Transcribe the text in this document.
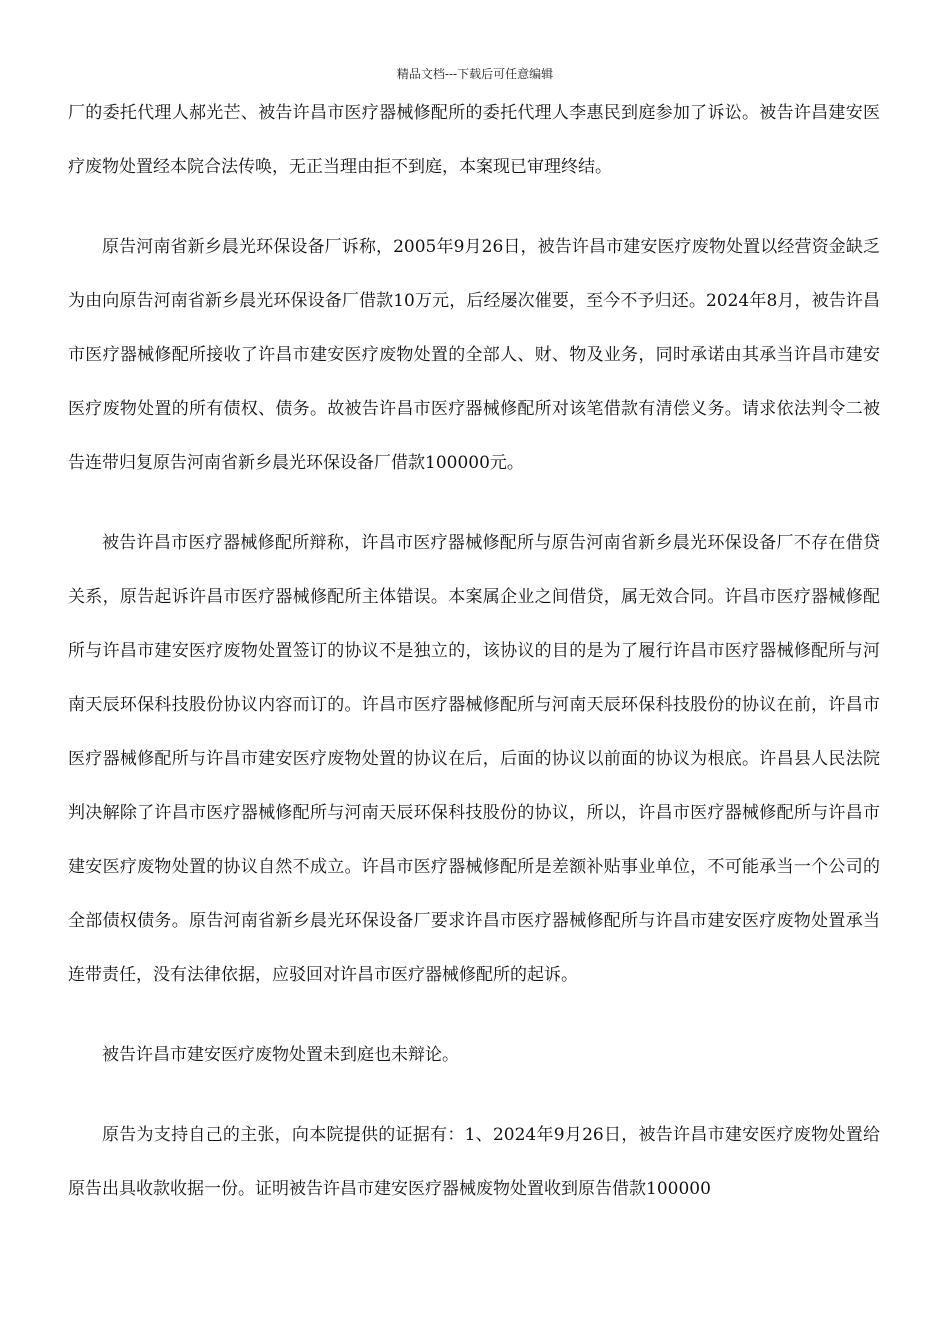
精品文档---下载后可任意编辑

厂的委托代理人郝光芒、被告许昌市医疗器械修配所的委托代理人李惠民到庭参加了诉讼。被告许昌建安医疗废物处置经本院合法传唤，无正当理由拒不到庭，本案现已审理终结。

原告河南省新乡晨光环保设备厂诉称，2005年9月26日，被告许昌市建安医疗废物处置以经营资金缺乏为由向原告河南省新乡晨光环保设备厂借款10万元，后经屡次催要，至今不予归还。2024年8月，被告许昌市医疗器械修配所接收了许昌市建安医疗废物处置的全部人、财、物及业务，同时承诺由其承当许昌市建安医疗废物处置的所有债权、债务。故被告许昌市医疗器械修配所对该笔借款有清偿义务。请求依法判令二被告连带归复原告河南省新乡晨光环保设备厂借款100000元。

被告许昌市医疗器械修配所辩称，许昌市医疗器械修配所与原告河南省新乡晨光环保设备厂不存在借贷关系，原告起诉许昌市医疗器械修配所主体错误。本案属企业之间借贷，属无效合同。许昌市医疗器械修配所与许昌市建安医疗废物处置签订的协议不是独立的，该协议的目的是为了履行许昌市医疗器械修配所与河南天辰环保科技股份协议内容而订的。许昌市医疗器械修配所与河南天辰环保科技股份的协议在前，许昌市医疗器械修配所与许昌市建安医疗废物处置的协议在后，后面的协议以前面的协议为根底。许昌县人民法院判决解除了许昌市医疗器械修配所与河南天辰环保科技股份的协议，所以，许昌市医疗器械修配所与许昌市建安医疗废物处置的协议自然不成立。许昌市医疗器械修配所是差额补贴事业单位，不可能承当一个公司的全部债权债务。原告河南省新乡晨光环保设备厂要求许昌市医疗器械修配所与许昌市建安医疗废物处置承当连带责任，没有法律依据，应驳回对许昌市医疗器械修配所的起诉。

被告许昌市建安医疗废物处置未到庭也未辩论。

原告为支持自己的主张，向本院提供的证据有：1、2024年9月26日，被告许昌市建安医疗废物处置给原告出具收款收据一份。证明被告许昌市建安医疗器械废物处置收到原告借款100000
